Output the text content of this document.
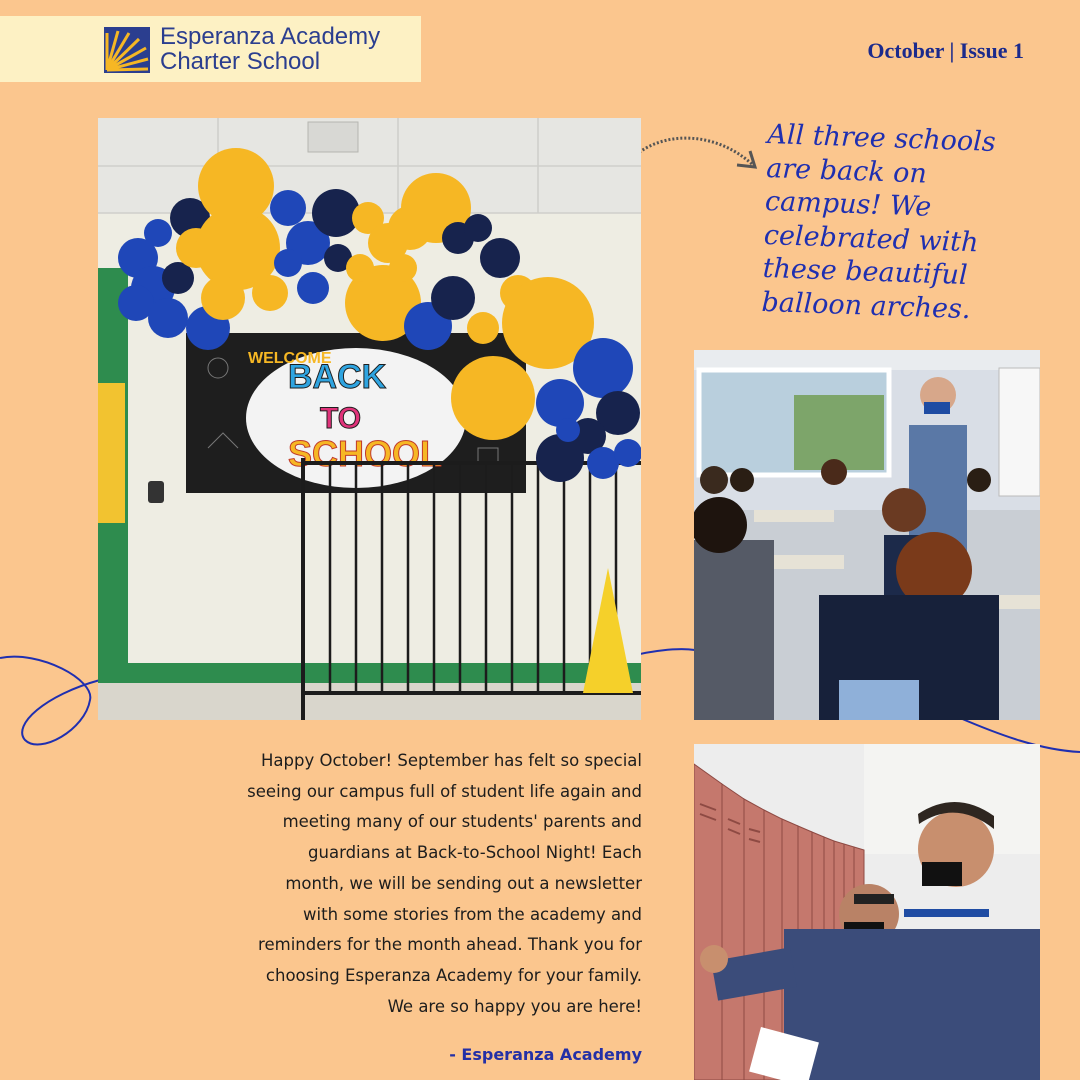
Esperanza Academy
Charter School	October | Issue 1
WELCOME
BACK
TO
SCHOOL
All three schools
are back on
campus! We
celebrated with
these beautiful
balloon arches.
Happy October! September has felt so special
seeing our campus full of student life again and
meeting many of our students' parents and
guardians at Back-to-School Night! Each
month, we will be sending out a newsletter
with some stories from the academy and
reminders for the month ahead. Thank you for
choosing Esperanza Academy for your family.
We are so happy you are here!
- Esperanza Academy
